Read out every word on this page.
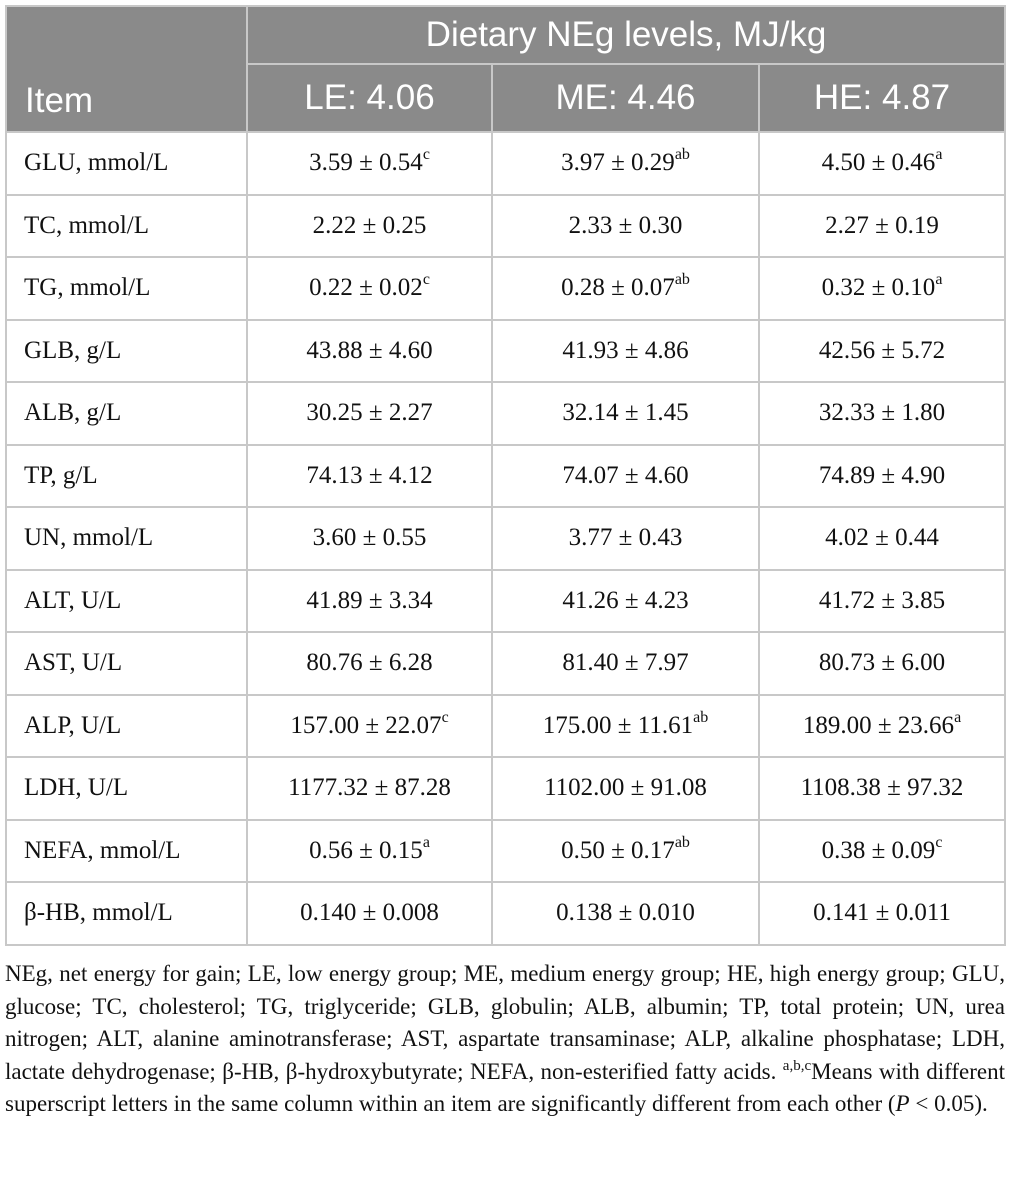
Item	Dietary NEg levels, MJ/kg		
	LE: 4.06	ME: 4.46	HE: 4.87
GLU, mmol/L	3.59 ± 0.54$^c$	3.97 ± 0.29$^{ab}$	4.50 ± 0.46$^a$
TC, mmol/L	2.22 ± 0.25	2.33 ± 0.30	2.27 ± 0.19
TG, mmol/L	0.22 ± 0.02$^c$	0.28 ± 0.07$^{ab}$	0.32 ± 0.10$^a$
GLB, g/L	43.88 ± 4.60	41.93 ± 4.86	42.56 ± 5.72
ALB, g/L	30.25 ± 2.27	32.14 ± 1.45	32.33 ± 1.80
TP, g/L	74.13 ± 4.12	74.07 ± 4.60	74.89 ± 4.90
UN, mmol/L	3.60 ± 0.55	3.77 ± 0.43	4.02 ± 0.44
ALT, U/L	41.89 ± 3.34	41.26 ± 4.23	41.72 ± 3.85
AST, U/L	80.76 ± 6.28	81.40 ± 7.97	80.73 ± 6.00
ALP, U/L	157.00 ± 22.07$^c$	175.00 ± 11.61$^{ab}$	189.00 ± 23.66$^a$
LDH, U/L	1177.32 ± 87.28	1102.00 ± 91.08	1108.38 ± 97.32
NEFA, mmol/L	0.56 ± 0.15$^a$	0.50 ± 0.17$^{ab}$	0.38 ± 0.09$^c$
β-HB, mmol/L	0.140 ± 0.008	0.138 ± 0.010	0.141 ± 0.011
NEg, net energy for gain; LE, low energy group; ME, medium energy group; HE, high energy group; GLU, glucose; TC, cholesterol; TG, triglyceride; GLB, globulin; ALB, albumin; TP, total protein; UN, urea nitrogen; ALT, alanine aminotransferase; AST, aspartate transaminase; ALP, alkaline phosphatase; LDH, lactate dehydrogenase; β-HB, β-hydroxybutyrate; NEFA, non-esterified fatty acids. $^{a,b,c}$Means with different superscript letters in the same column within an item are significantly different from each other (P < 0.05).
